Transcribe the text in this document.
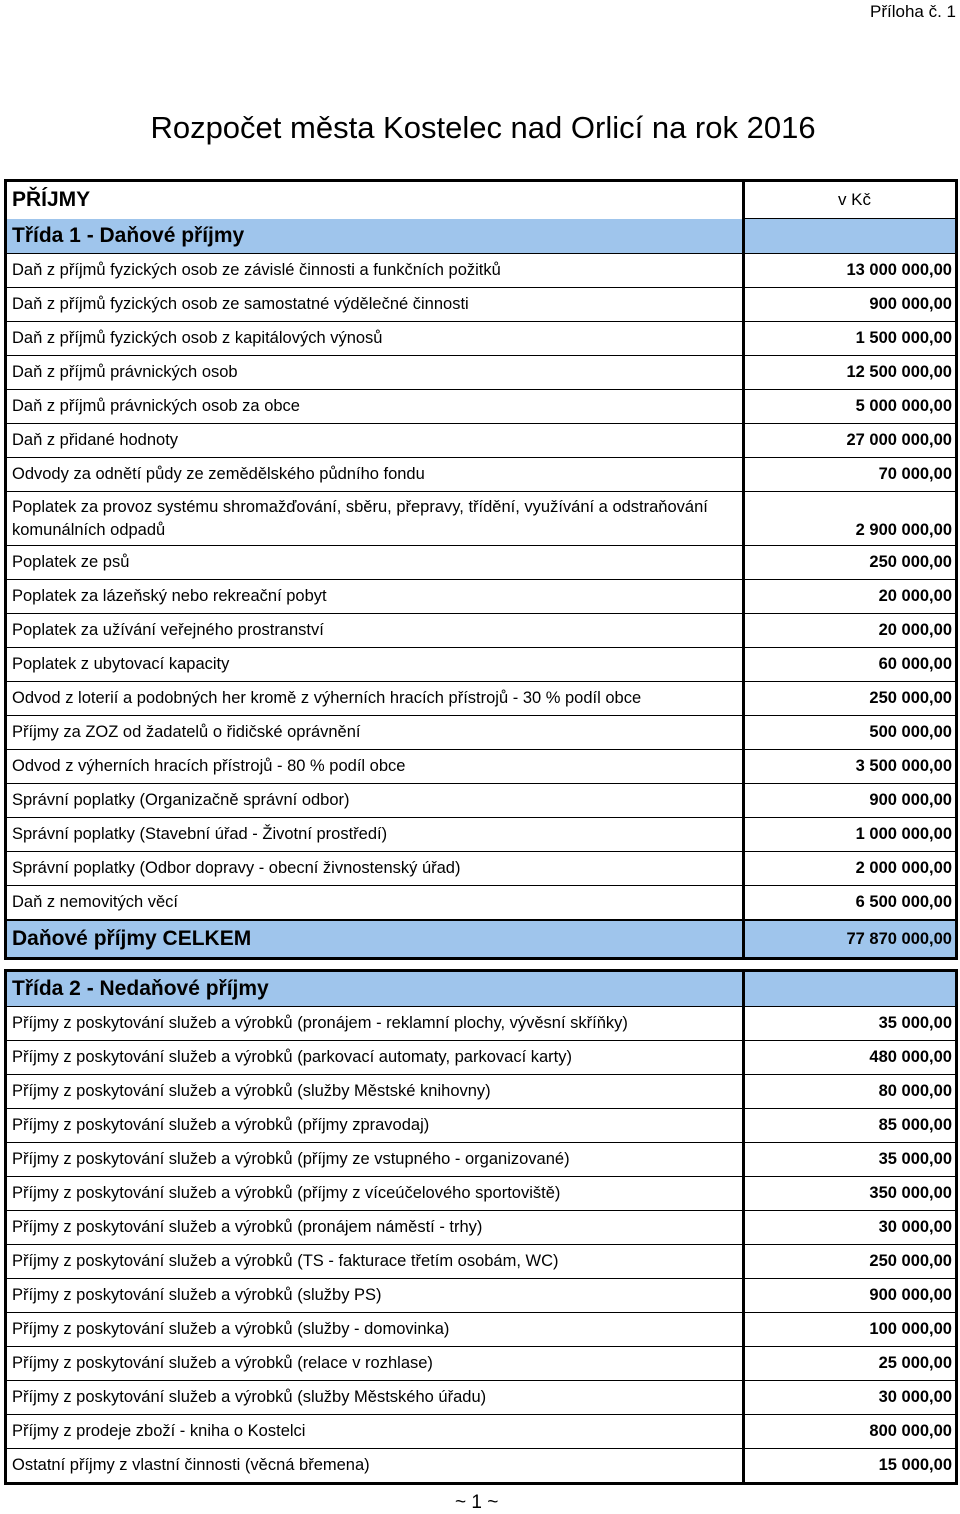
Příloha č. 1
Rozpočet města Kostelec nad Orlicí na rok 2016
PŘÍJMY	v Kč
Třída 1 - Daňové příjmy	
Daň z příjmů fyzických osob ze závislé činnosti a funkčních požitků	13 000 000,00
Daň z příjmů fyzických osob ze samostatné výdělečné činnosti	900 000,00
Daň z příjmů fyzických osob z kapitálových výnosů	1 500 000,00
Daň z příjmů právnických osob	12 500 000,00
Daň z příjmů právnických osob za obce	5 000 000,00
Daň z přidané hodnoty	27 000 000,00
Odvody za odnětí půdy ze zemědělského půdního fondu	70 000,00
Poplatek za provoz systému shromažďování, sběru, přepravy, třídění, využívání a odstraňování komunálních odpadů	2 900 000,00
Poplatek ze psů	250 000,00
Poplatek za lázeňský nebo rekreační pobyt	20 000,00
Poplatek za užívání veřejného prostranství	20 000,00
Poplatek z ubytovací kapacity	60 000,00
Odvod z loterií a podobných her kromě z výherních hracích přístrojů - 30 % podíl obce	250 000,00
Příjmy za ZOZ od žadatelů o řidičské oprávnění	500 000,00
Odvod z výherních hracích přístrojů - 80 % podíl obce	3 500 000,00
Správní poplatky (Organizačně správní odbor)	900 000,00
Správní poplatky (Stavební úřad - Životní prostředí)	1 000 000,00
Správní poplatky (Odbor dopravy - obecní živnostenský úřad)	2 000 000,00
Daň z nemovitých věcí	6 500 000,00
Daňové příjmy CELKEM	77 870 000,00
Třída 2 - Nedaňové příjmy	
Příjmy z poskytování služeb a výrobků (pronájem - reklamní plochy, vývěsní skříňky)	35 000,00
Příjmy z poskytování služeb a výrobků (parkovací automaty, parkovací karty)	480 000,00
Příjmy z poskytování služeb a výrobků (služby Městské knihovny)	80 000,00
Příjmy z poskytování služeb a výrobků (příjmy zpravodaj)	85 000,00
Příjmy z poskytování služeb a výrobků (příjmy ze vstupného - organizované)	35 000,00
Příjmy z poskytování služeb a výrobků (příjmy z víceúčelového sportoviště)	350 000,00
Příjmy z poskytování služeb a výrobků (pronájem náměstí - trhy)	30 000,00
Příjmy z poskytování služeb a výrobků (TS - fakturace třetím osobám, WC)	250 000,00
Příjmy z poskytování služeb a výrobků (služby PS)	900 000,00
Příjmy z poskytování služeb a výrobků (služby - domovinka)	100 000,00
Příjmy z poskytování služeb a výrobků (relace v rozhlase)	25 000,00
Příjmy z poskytování služeb a výrobků (služby Městského úřadu)	30 000,00
Příjmy z prodeje zboží - kniha o Kostelci	800 000,00
Ostatní příjmy z vlastní činnosti (věcná břemena)	15 000,00
~ 1 ~
